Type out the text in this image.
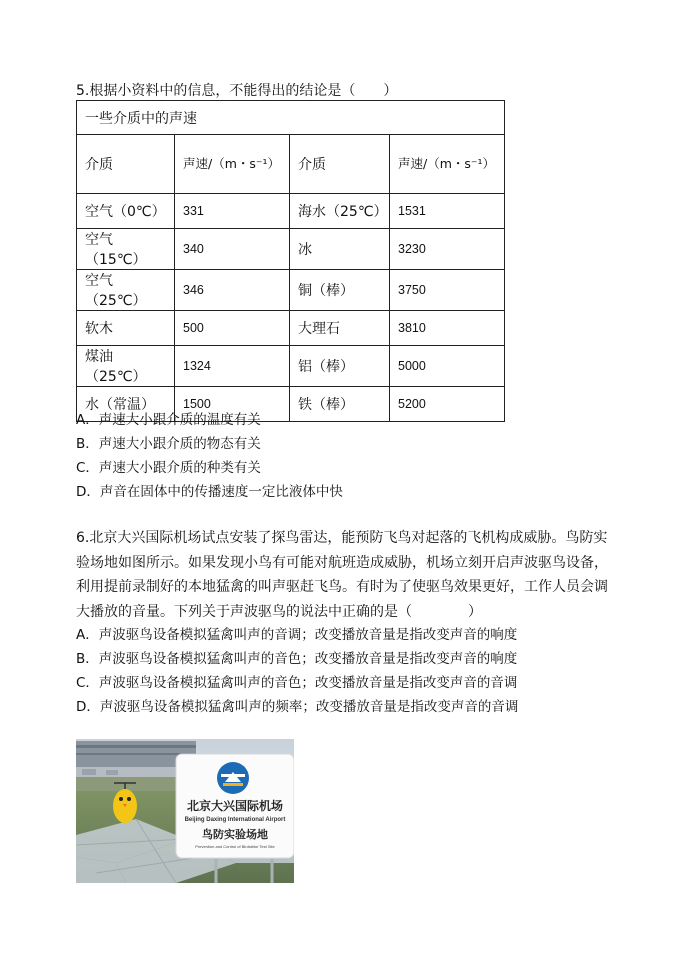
5.根据小资料中的信息，不能得出的结论是（　　）
一些介质中的声速			
介质	声速/（m・s⁻¹）	介质	声速/（m・s⁻¹）
空气（0℃）	331	海水（25℃）	1531
空气（15℃）	340	冰	3230
空气（25℃）	346	铜（棒）	3750
软木	500	大理石	3810
煤油（25℃）	1324	铝（棒）	5000
水（常温）	1500	铁（棒）	5200
A．声速大小跟介质的温度有关
B．声速大小跟介质的物态有关
C．声速大小跟介质的种类有关
D．声音在固体中的传播速度一定比液体中快
6.北京大兴国际机场试点安装了探鸟雷达，能预防飞鸟对起落的飞机构成威胁。鸟防实
验场地如图所示。如果发现小鸟有可能对航班造成威胁，机场立刻开启声波驱鸟设备，
利用提前录制好的本地猛禽的叫声驱赶飞鸟。有时为了使驱鸟效果更好，工作人员会调
大播放的音量。下列关于声波驱鸟的说法中正确的是（　　　　）
A．声波驱鸟设备模拟猛禽叫声的音调；改变播放音量是指改变声音的响度
B．声波驱鸟设备模拟猛禽叫声的音色；改变播放音量是指改变声音的响度
C．声波驱鸟设备模拟猛禽叫声的音色；改变播放音量是指改变声音的音调
D．声波驱鸟设备模拟猛禽叫声的频率；改变播放音量是指改变声音的音调
北京大兴国际机场
Beijing Daxing International Airport
鸟防实验场地
Prevention and Control of Birdstrike Test Site
